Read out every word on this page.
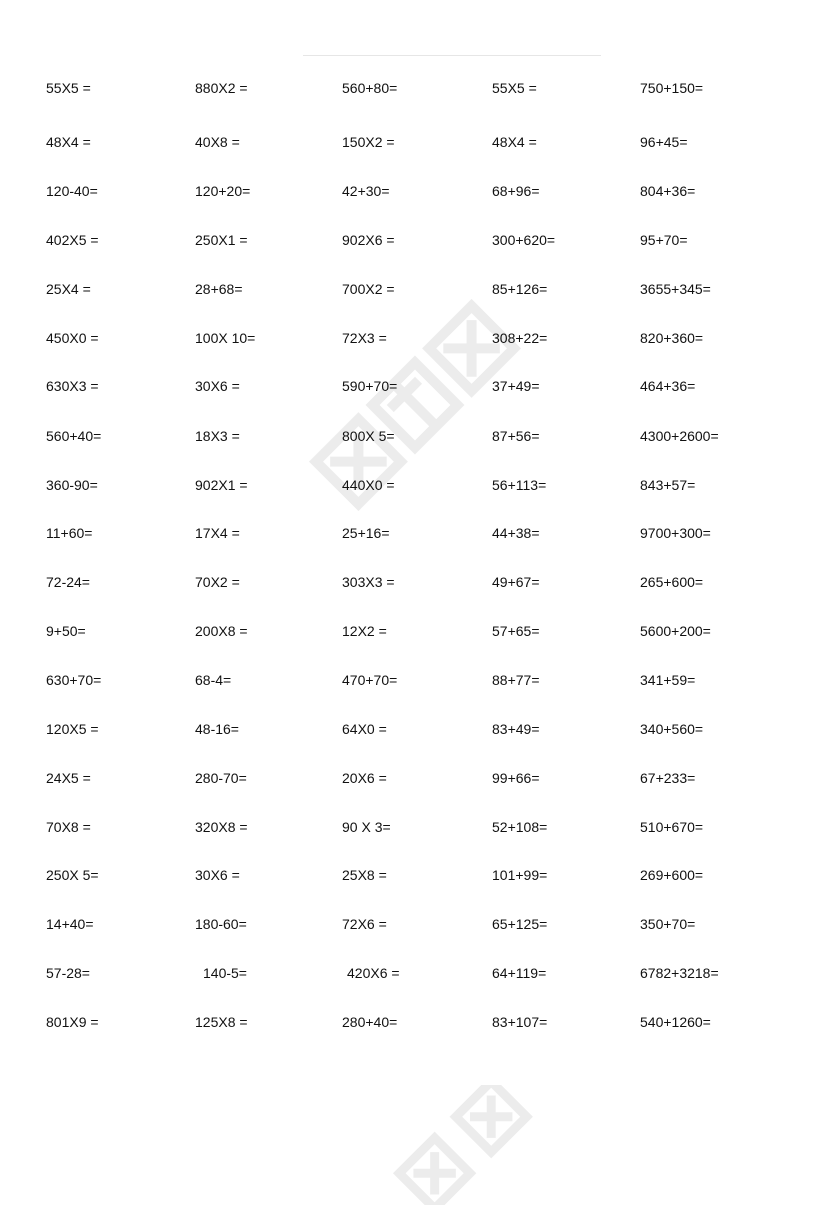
55X5 =	880X2 =	560+80=	55X5 =	750+150=
48X4 =	40X8 =	150X2 =	48X4 =	96+45=
120-40=	120+20=	42+30=	68+96=	804+36=
402X5 =	250X1 =	902X6 =	300+620=	95+70=
25X4 =	28+68=	700X2 =	85+126=	3655+345=
450X0 =	100X 10=	72X3 =	308+22=	820+360=
630X3 =	30X6 =	590+70=	37+49=	464+36=
560+40=	18X3 =	800X 5=	87+56=	4300+2600=
360-90=	902X1 =	440X0 =	56+113=	843+57=
11+60=	17X4 =	25+16=	44+38=	9700+300=
72-24=	70X2 =	303X3 =	49+67=	265+600=
9+50=	200X8 =	12X2 =	57+65=	5600+200=
630+70=	68-4=	470+70=	88+77=	341+59=
120X5 =	48-16=	64X0 =	83+49=	340+560=
24X5 =	280-70=	20X6 =	99+66=	67+233=
70X8 =	320X8 =	90 X 3=	52+108=	510+670=
250X 5=	30X6 =	25X8 =	101+99=	269+600=
14+40=	180-60=	72X6 =	65+125=	350+70=
57-28=	140-5=	420X6 =	64+119=	6782+3218=
801X9 =	125X8 =	280+40=	83+107=	540+1260=
